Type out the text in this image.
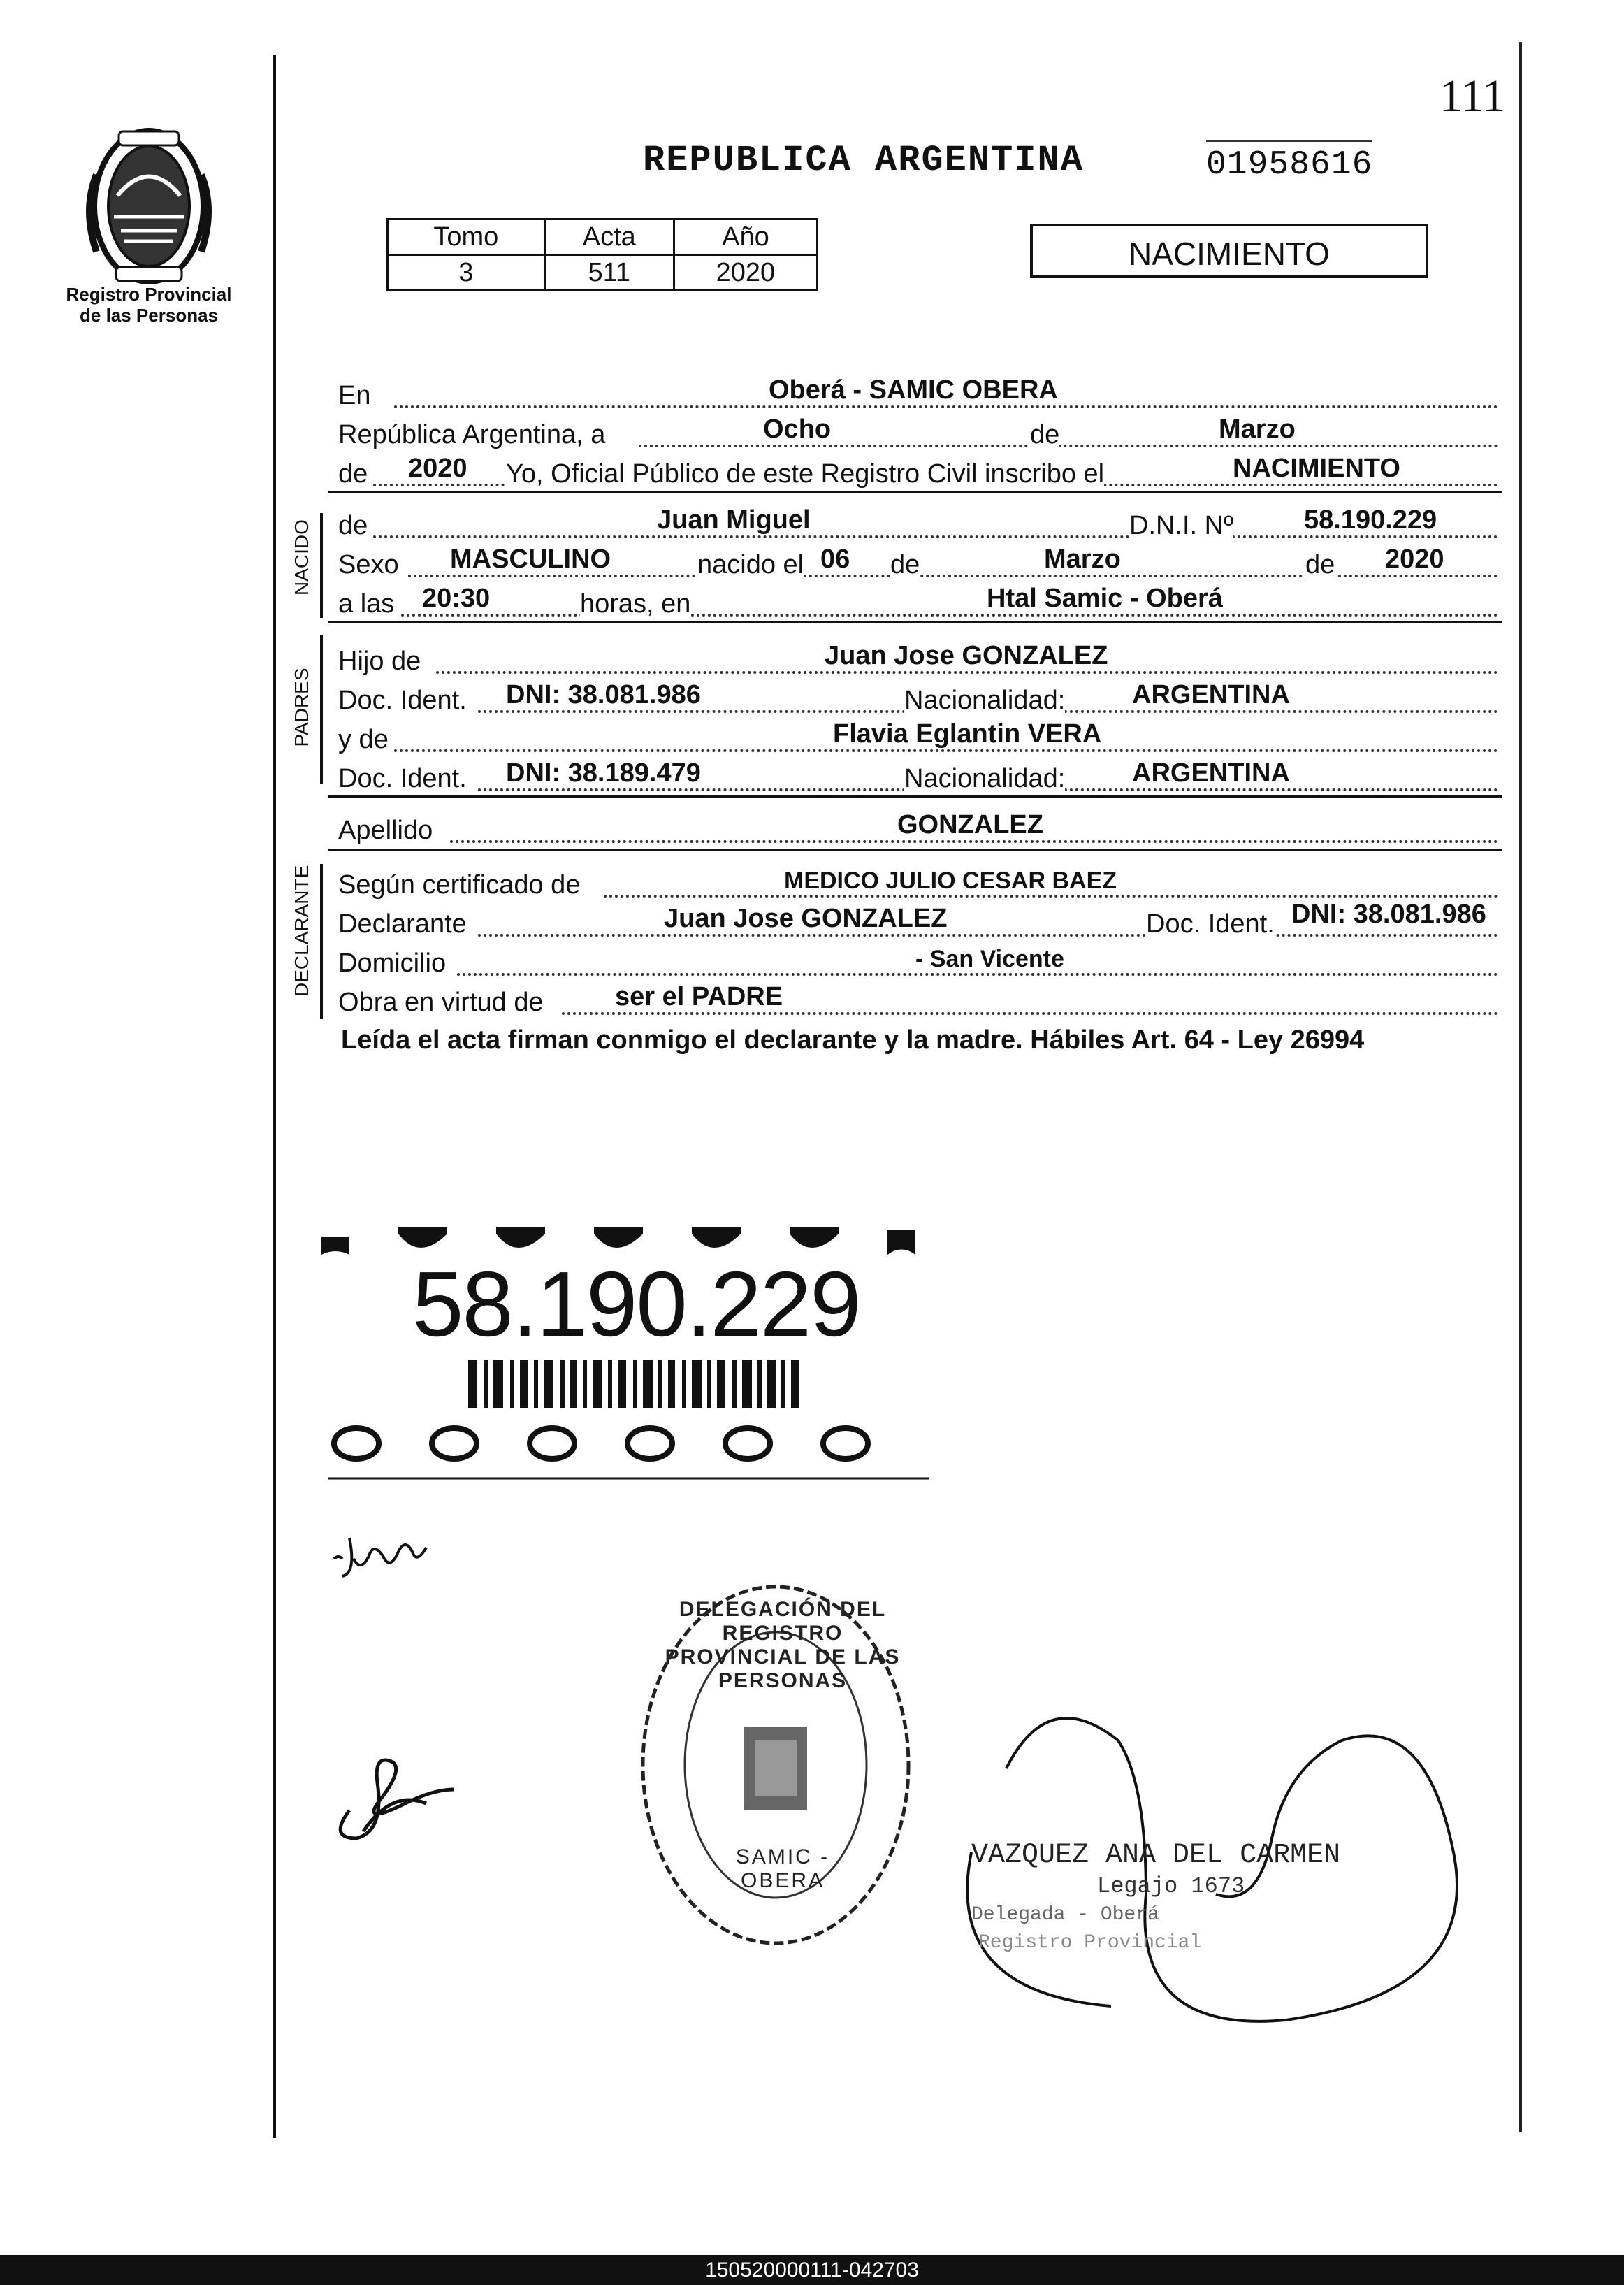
Registro Provincial
de las Personas
111
REPUBLICA ARGENTINA	01958616
Tomo	Acta	Año
3	511	2020
NACIMIENTO
En	Oberá - SAMIC OBERA
República Argentina, a	Ocho	de	Marzo
de 2020 Yo, Oficial Público de este Registro Civil inscribo el	NACIMIENTO
NACIDO de	Juan Miguel	D.N.I. Nº	58.190.229
Sexo MASCULINO	nacido el 06 de	Marzo	de 2020
a las 20:30	horas, en	Htal Samic - Oberá
PADRES
Hijo de	Juan Jose GONZALEZ
Doc. Ident. DNI: 38.081.986	Nacionalidad:	ARGENTINA
y de	Flavia Eglantin VERA
Doc. Ident. DNI: 38.189.479	Nacionalidad:	ARGENTINA
Apellido	GONZALEZ
DECLARANTE Según certificado de	MEDICO JULIO CESAR BAEZ
Declarante	Juan Jose GONZALEZ	Doc. Ident. DNI: 38.081.986
Domicilio	- San Vicente
Obra en virtud de	ser el PADRE
Leída el acta firman conmigo el declarante y la madre. Hábiles Art. 64 - Ley 26994
58.190.229
DELEGACIÓN DEL REGISTRO PROVINCIAL DE LAS PERSONAS
SAMIC - OBERA
VAZQUEZ ANA DEL CARMEN
Legajo 1673
Delegada - Oberá
Registro Provincial
150520000111-042703
